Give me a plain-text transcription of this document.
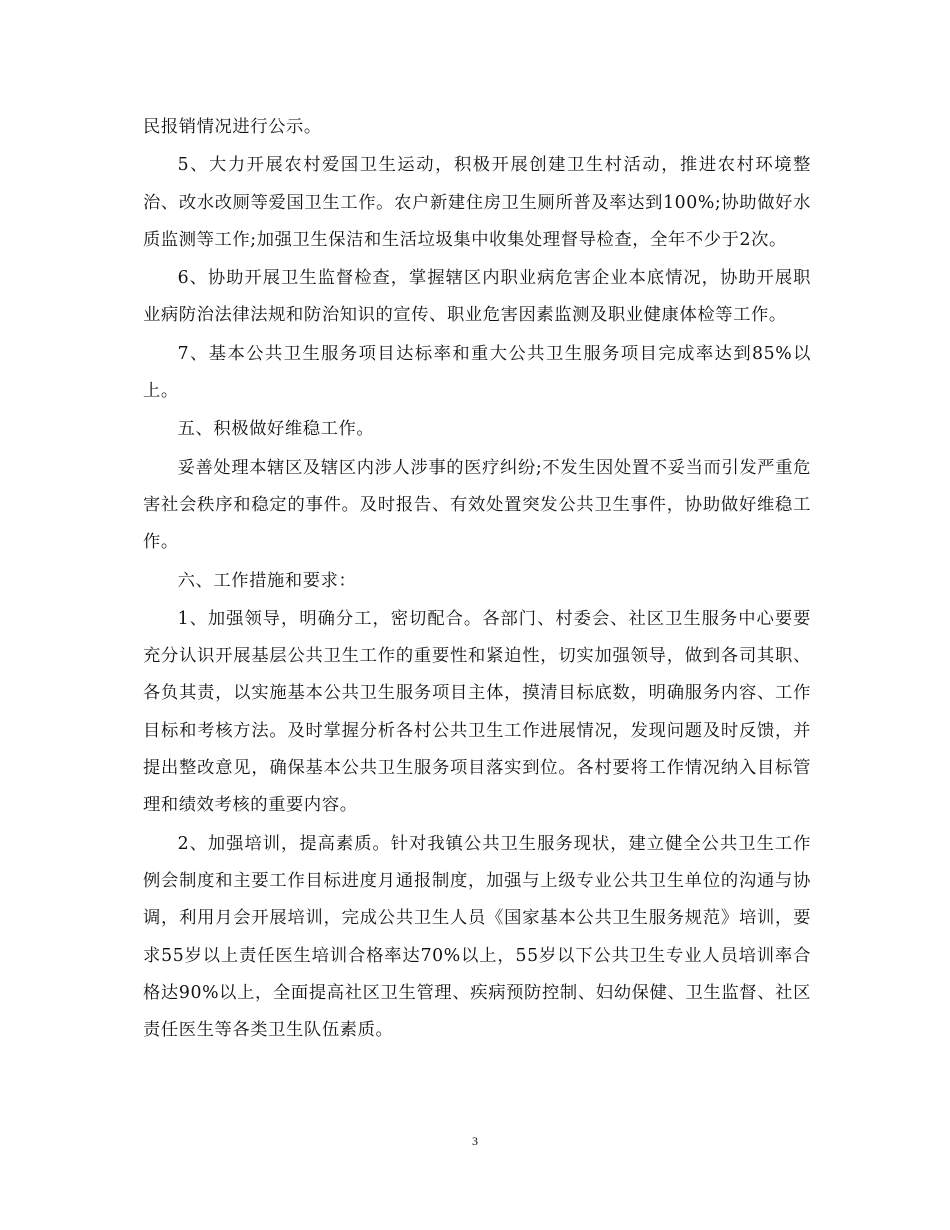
民报销情况进行公示。

5、大力开展农村爱国卫生运动，积极开展创建卫生村活动，推进农村环境整治、改水改厕等爱国卫生工作。农户新建住房卫生厕所普及率达到100%;协助做好水质监测等工作;加强卫生保洁和生活垃圾集中收集处理督导检查，全年不少于2次。

6、协助开展卫生监督检查，掌握辖区内职业病危害企业本底情况，协助开展职业病防治法律法规和防治知识的宣传、职业危害因素监测及职业健康体检等工作。

7、基本公共卫生服务项目达标率和重大公共卫生服务项目完成率达到85%以上。

五、积极做好维稳工作。

妥善处理本辖区及辖区内涉人涉事的医疗纠纷;不发生因处置不妥当而引发严重危害社会秩序和稳定的事件。及时报告、有效处置突发公共卫生事件，协助做好维稳工作。

六、工作措施和要求：

1、加强领导，明确分工，密切配合。各部门、村委会、社区卫生服务中心要要充分认识开展基层公共卫生工作的重要性和紧迫性，切实加强领导，做到各司其职、各负其责，以实施基本公共卫生服务项目主体，摸清目标底数，明确服务内容、工作目标和考核方法。及时掌握分析各村公共卫生工作进展情况，发现问题及时反馈，并提出整改意见，确保基本公共卫生服务项目落实到位。各村要将工作情况纳入目标管理和绩效考核的重要内容。

2、加强培训，提高素质。针对我镇公共卫生服务现状，建立健全公共卫生工作例会制度和主要工作目标进度月通报制度，加强与上级专业公共卫生单位的沟通与协调，利用月会开展培训，完成公共卫生人员《国家基本公共卫生服务规范》培训，要求55岁以上责任医生培训合格率达70%以上，55岁以下公共卫生专业人员培训率合格达90%以上，全面提高社区卫生管理、疾病预防控制、妇幼保健、卫生监督、社区责任医生等各类卫生队伍素质。

3
